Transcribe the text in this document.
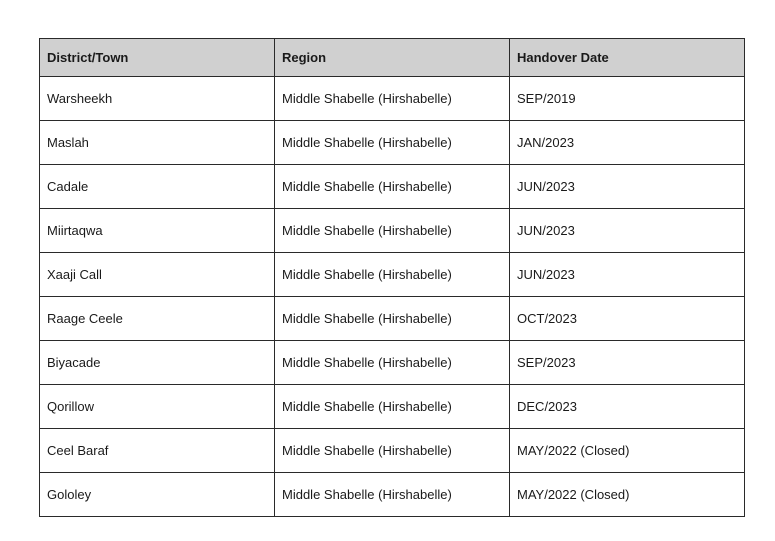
District/Town	Region	Handover Date
Warsheekh	Middle Shabelle (Hirshabelle)	SEP/2019
Maslah	Middle Shabelle (Hirshabelle)	JAN/2023
Cadale	Middle Shabelle (Hirshabelle)	JUN/2023
Miirtaqwa	Middle Shabelle (Hirshabelle)	JUN/2023
Xaaji Call	Middle Shabelle (Hirshabelle)	JUN/2023
Raage Ceele	Middle Shabelle (Hirshabelle)	OCT/2023
Biyacade	Middle Shabelle (Hirshabelle)	SEP/2023
Qorillow	Middle Shabelle (Hirshabelle)	DEC/2023
Ceel Baraf	Middle Shabelle (Hirshabelle)	MAY/2022 (Closed)
Gololey	Middle Shabelle (Hirshabelle)	MAY/2022 (Closed)
